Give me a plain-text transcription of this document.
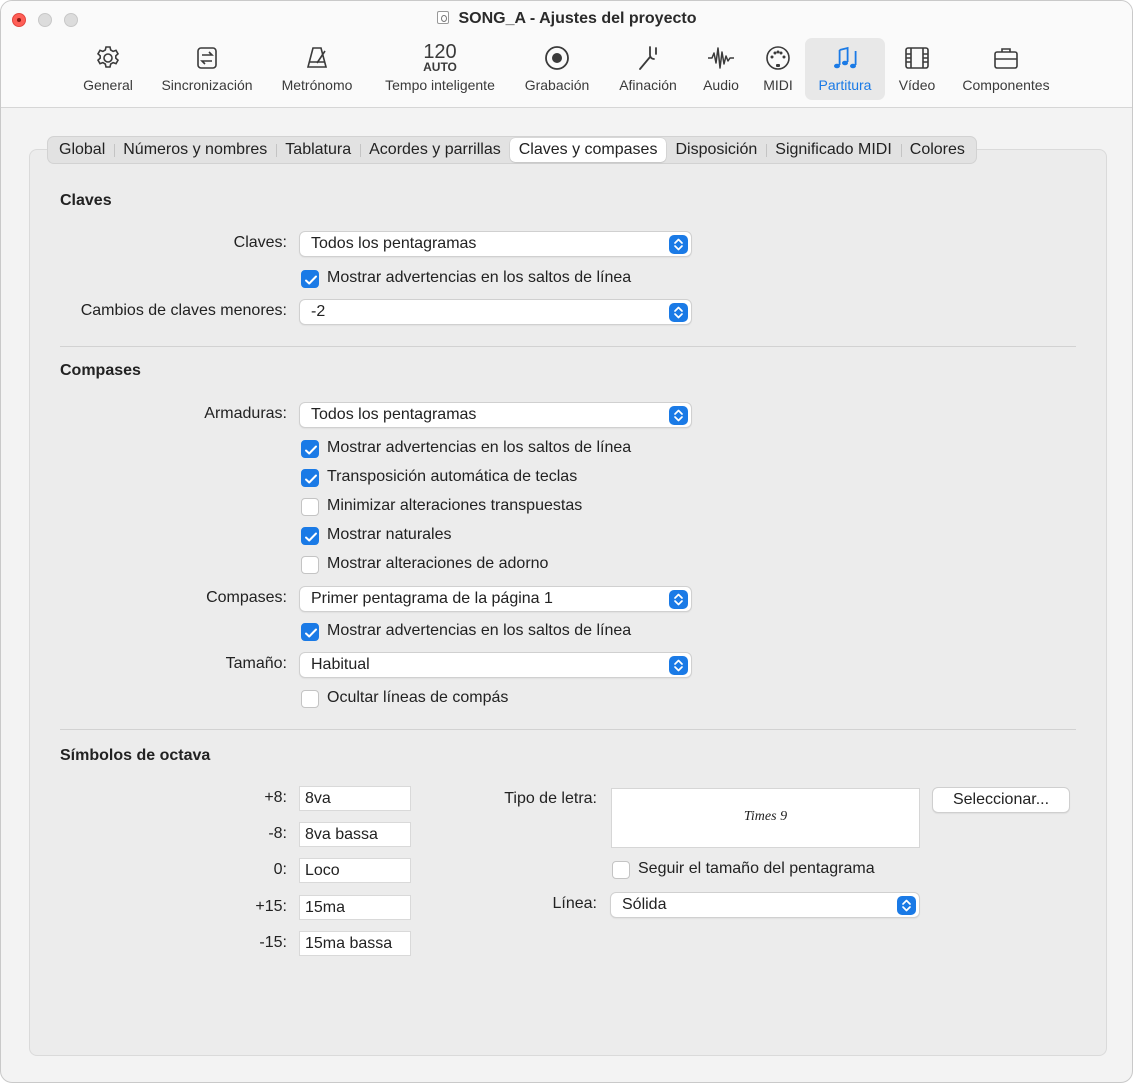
SONG_A - Ajustes del proyecto
General	Sincronización	Metrónomo
120
AUTO
Tempo inteligente	Grabación	Afinación	Audio	MIDI	Partitura	Vídeo	Componentes
Global	Números y nombres	Tablatura	Acordes y parrillas	Claves y compases	Disposición	Significado MIDI	Colores
Claves
Claves: Todos los pentagramas
Mostrar advertencias en los saltos de línea
Cambios de claves menores: -2
Compases
Armaduras: Todos los pentagramas
Mostrar advertencias en los saltos de línea
Transposición automática de teclas
Minimizar alteraciones transpuestas
Mostrar naturales
Mostrar alteraciones de adorno
Compases: Primer pentagrama de la página 1
Mostrar advertencias en los saltos de línea
Tamaño: Habitual
Ocultar líneas de compás
Símbolos de octava
+8: 8va
-8: 8va bassa
0: Loco
+15: 15ma
-15: 15ma bassa
Tipo de letra:
Times 9
Seleccionar...
Seguir el tamaño del pentagrama
Línea: Sólida
